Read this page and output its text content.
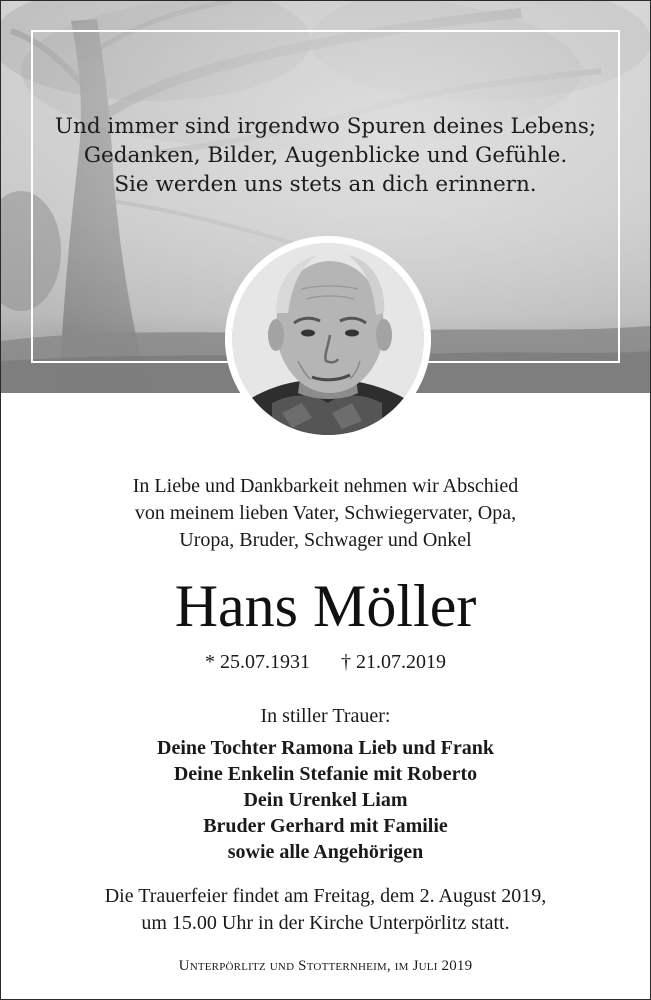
Und immer sind irgendwo Spuren deines Lebens;
Gedanken, Bilder, Augenblicke und Gefühle.
Sie werden uns stets an dich erinnern.
In Liebe und Dankbarkeit nehmen wir Abschied
von meinem lieben Vater, Schwiegervater, Opa,
Uropa, Bruder, Schwager und Onkel
Hans Möller
* 25.07.1931 † 21.07.2019
In stiller Trauer:
Deine Tochter Ramona Lieb und Frank
Deine Enkelin Stefanie mit Roberto
Dein Urenkel Liam
Bruder Gerhard mit Familie
sowie alle Angehörigen
Die Trauerfeier findet am Freitag, dem 2. August 2019,
um 15.00 Uhr in der Kirche Unterpörlitz statt.
Unterpörlitz und Stotternheim, im Juli 2019
